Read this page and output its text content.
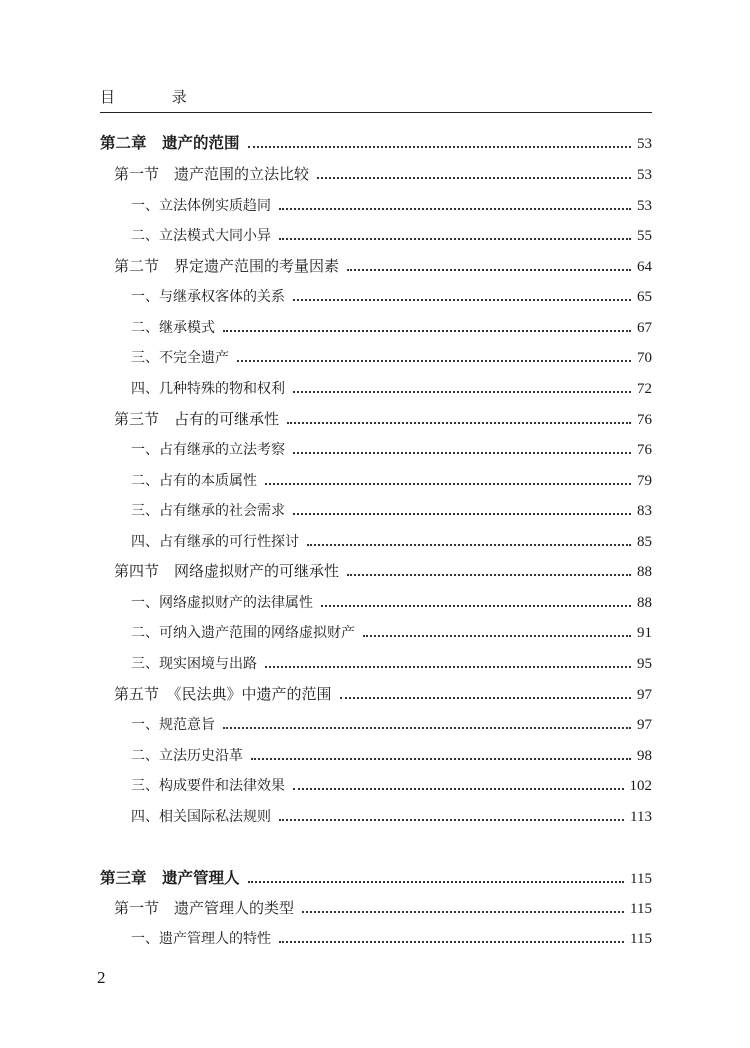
目 录
第二章　遗产的范围	53
第一节　遗产范围的立法比较	53
一、立法体例实质趋同	53
二、立法模式大同小异	55
第二节　界定遗产范围的考量因素	64
一、与继承权客体的关系	65
二、继承模式	67
三、不完全遗产	70
四、几种特殊的物和权利	72
第三节　占有的可继承性	76
一、占有继承的立法考察	76
二、占有的本质属性	79
三、占有继承的社会需求	83
四、占有继承的可行性探讨	85
第四节　网络虚拟财产的可继承性	88
一、网络虚拟财产的法律属性	88
二、可纳入遗产范围的网络虚拟财产	91
三、现实困境与出路	95
第五节　《民法典》中遗产的范围	97
一、规范意旨	97
二、立法历史沿革	98
三、构成要件和法律效果	102
四、相关国际私法规则	113
第三章　遗产管理人	115
第一节　遗产管理人的类型	115
一、遗产管理人的特性	115
2
